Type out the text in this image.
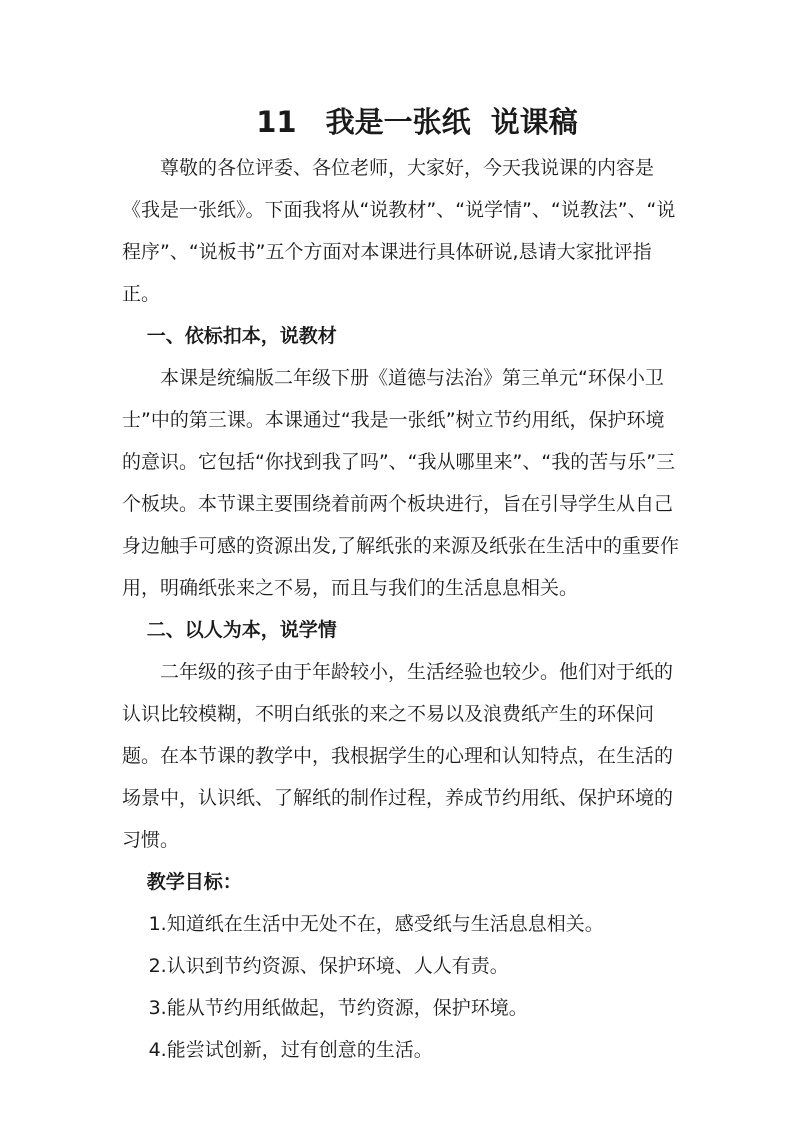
11　我是一张纸  说课稿

尊敬的各位评委、各位老师，大家好，今天我说课的内容是《我是一张纸》。下面我将从“说教材”、“说学情”、“说教法”、“说程序”、“说板书”五个方面对本课进行具体研说,恳请大家批评指正。

一、依标扣本，说教材

本课是统编版二年级下册《道德与法治》第三单元“环保小卫士”中的第三课。本课通过“我是一张纸”树立节约用纸，保护环境的意识。它包括“你找到我了吗”、“我从哪里来”、“我的苦与乐”三个板块。本节课主要围绕着前两个板块进行，旨在引导学生从自己身边触手可感的资源出发,了解纸张的来源及纸张在生活中的重要作用，明确纸张来之不易，而且与我们的生活息息相关。

二、以人为本，说学情

二年级的孩子由于年龄较小，生活经验也较少。他们对于纸的认识比较模糊，不明白纸张的来之不易以及浪费纸产生的环保问题。在本节课的教学中，我根据学生的心理和认知特点，在生活的场景中，认识纸、了解纸的制作过程，养成节约用纸、保护环境的习惯。

教学目标：

1.知道纸在生活中无处不在，感受纸与生活息息相关。

2.认识到节约资源、保护环境、人人有责。

3.能从节约用纸做起，节约资源，保护环境。

4.能尝试创新，过有创意的生活。
